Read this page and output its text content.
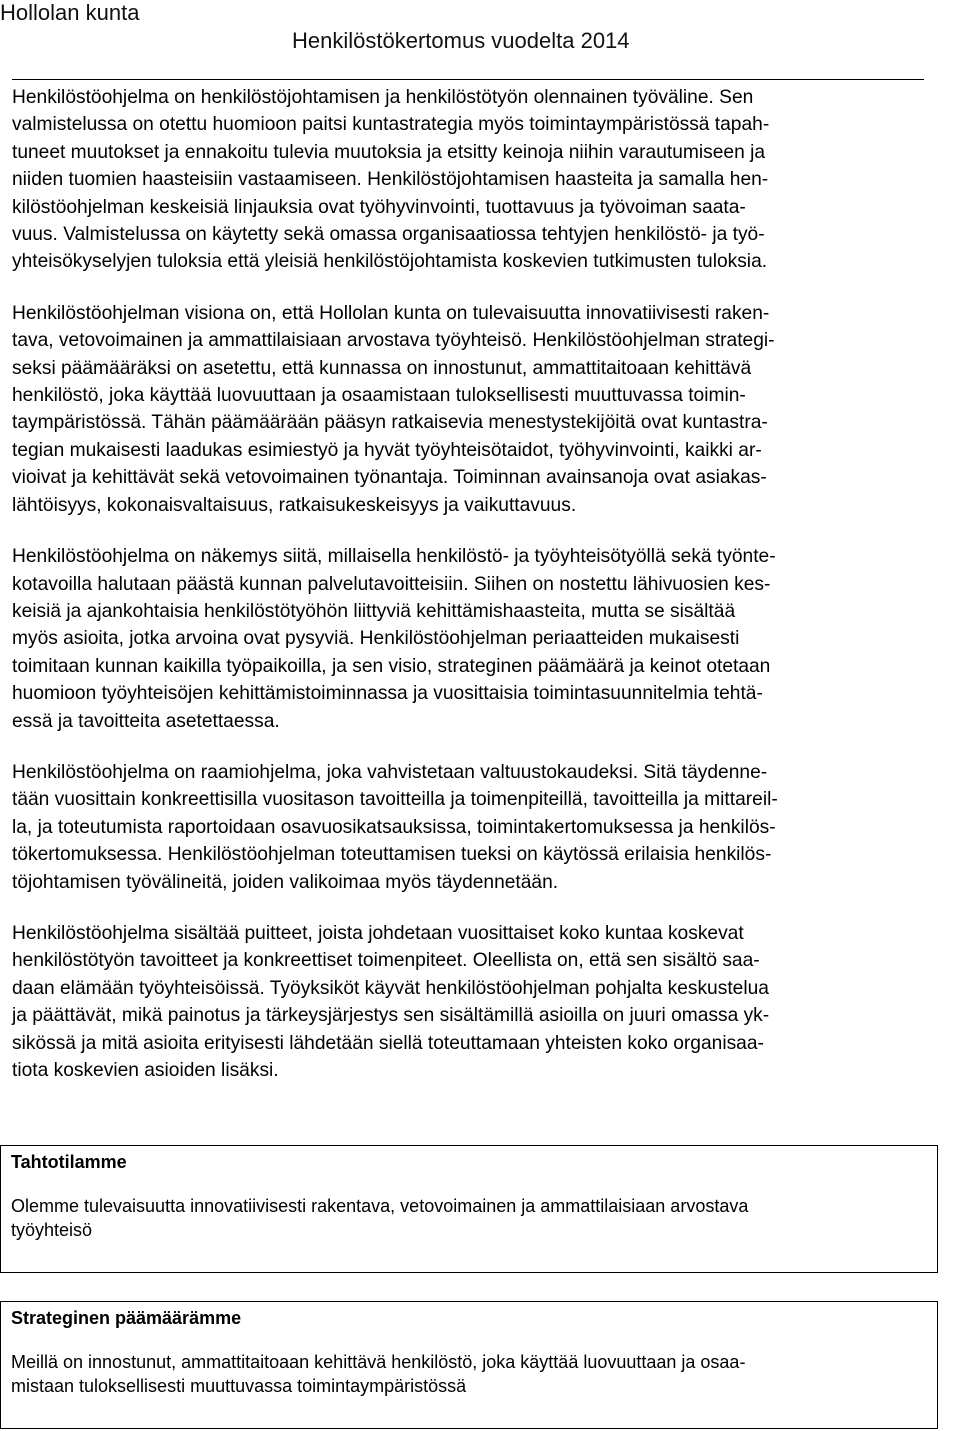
Hollolan kunta
Henkilöstökertomus vuodelta 2014

Henkilöstöohjelma on henkilöstöjohtamisen ja henkilöstötyön olennainen työväline. Sen
valmistelussa on otettu huomioon paitsi kuntastrategia myös toimintaympäristössä tapah-
tuneet muutokset ja ennakoitu tulevia muutoksia ja etsitty keinoja niihin varautumiseen ja
niiden tuomien haasteisiin vastaamiseen. Henkilöstöjohtamisen haasteita ja samalla hen-
kilöstöohjelman keskeisiä linjauksia ovat työhyvinvointi, tuottavuus ja työvoiman saata-
vuus. Valmistelussa on käytetty sekä omassa organisaatiossa tehtyjen henkilöstö- ja työ-
yhteisökyselyjen tuloksia että yleisiä henkilöstöjohtamista koskevien tutkimusten tuloksia.

Henkilöstöohjelman visiona on, että Hollolan kunta on tulevaisuutta innovatiivisesti raken-
tava, vetovoimainen ja ammattilaisiaan arvostava työyhteisö. Henkilöstöohjelman strategi-
seksi päämääräksi on asetettu, että kunnassa on innostunut, ammattitaitoaan kehittävä
henkilöstö, joka käyttää luovuuttaan ja osaamistaan tuloksellisesti muuttuvassa toimin-
taympäristössä. Tähän päämäärään pääsyn ratkaisevia menestystekijöitä ovat kuntastra-
tegian mukaisesti laadukas esimiestyö ja hyvät työyhteisötaidot, työhyvinvointi, kaikki ar-
vioivat ja kehittävät sekä vetovoimainen työnantaja. Toiminnan avainsanoja ovat asiakas-
lähtöisyys, kokonaisvaltaisuus, ratkaisukeskeisyys ja vaikuttavuus.

Henkilöstöohjelma on näkemys siitä, millaisella henkilöstö- ja työyhteisötyöllä sekä työnte-
kotavoilla halutaan päästä kunnan palvelutavoitteisiin. Siihen on nostettu lähivuosien kes-
keisiä ja ajankohtaisia henkilöstötyöhön liittyviä kehittämishaasteita, mutta se sisältää
myös asioita, jotka arvoina ovat pysyviä. Henkilöstöohjelman periaatteiden mukaisesti
toimitaan kunnan kaikilla työpaikoilla, ja sen visio, strateginen päämäärä ja keinot otetaan
huomioon työyhteisöjen kehittämistoiminnassa ja vuosittaisia toimintasuunnitelmia tehtä-
essä ja tavoitteita asetettaessa.

Henkilöstöohjelma on raamiohjelma, joka vahvistetaan valtuustokaudeksi. Sitä täydenne-
tään vuosittain konkreettisilla vuositason tavoitteilla ja toimenpiteillä, tavoitteilla ja mittareil-
la, ja toteutumista raportoidaan osavuosikatsauksissa, toimintakertomuksessa ja henkilös-
tökertomuksessa. Henkilöstöohjelman toteuttamisen tueksi on käytössä erilaisia henkilös-
töjohtamisen työvälineitä, joiden valikoimaa myös täydennetään.

Henkilöstöohjelma sisältää puitteet, joista johdetaan vuosittaiset koko kuntaa koskevat
henkilöstötyön tavoitteet ja konkreettiset toimenpiteet. Oleellista on, että sen sisältö saa-
daan elämään työyhteisöissä. Työyksiköt käyvät henkilöstöohjelman pohjalta keskustelua
ja päättävät, mikä painotus ja tärkeysjärjestys sen sisältämillä asioilla on juuri omassa yk-
sikössä ja mitä asioita erityisesti lähdetään siellä toteuttamaan yhteisten koko organisaa-
tiota koskevien asioiden lisäksi.

Tahtotilamme

Olemme tulevaisuutta innovatiivisesti rakentava, vetovoimainen ja ammattilaisiaan arvostava
työyhteisö

Strateginen päämäärämme

Meillä on innostunut, ammattitaitoaan kehittävä henkilöstö, joka käyttää luovuuttaan ja osaa-
mistaan tuloksellisesti muuttuvassa toimintaympäristössä
